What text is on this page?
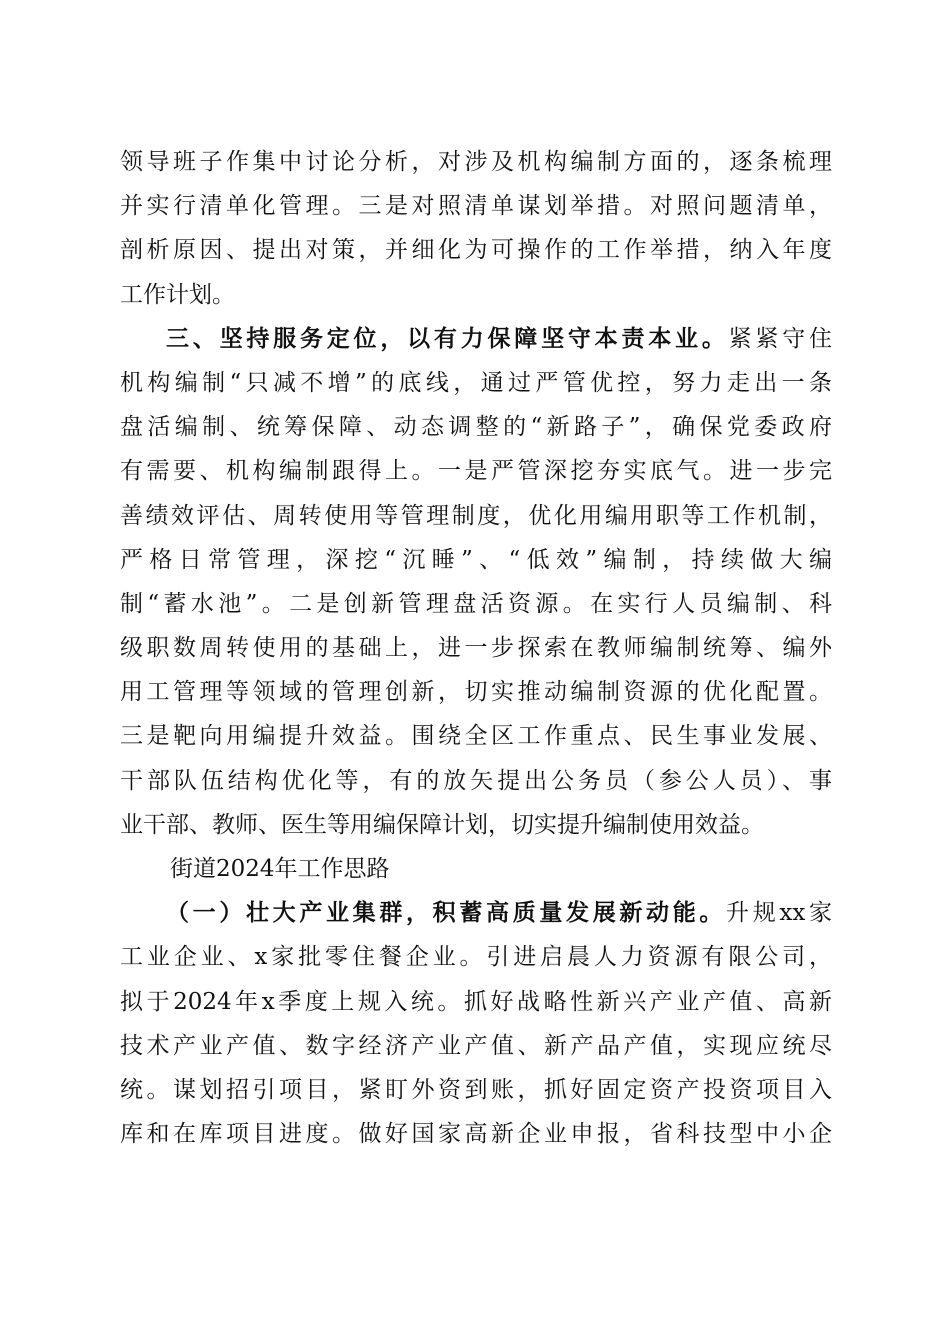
领导班子作集中讨论分析，对涉及机构编制方面的，逐条梳理
并实行清单化管理。三是对照清单谋划举措。对照问题清单，
剖析原因、提出对策，并细化为可操作的工作举措，纳入年度
工作计划。
三、坚持服务定位，以有力保障坚守本责本业。紧紧守住
机构编制“只减不增”的底线，通过严管优控，努力走出一条
盘活编制、统筹保障、动态调整的“新路子”，确保党委政府
有需要、机构编制跟得上。一是严管深挖夯实底气。进一步完
善绩效评估、周转使用等管理制度，优化用编用职等工作机制，
严格日常管理，深挖“沉睡”、“低效”编制，持续做大编
制“蓄水池”。二是创新管理盘活资源。在实行人员编制、科
级职数周转使用的基础上，进一步探索在教师编制统筹、编外
用工管理等领域的管理创新，切实推动编制资源的优化配置。
三是靶向用编提升效益。围绕全区工作重点、民生事业发展、
干部队伍结构优化等，有的放矢提出公务员（参公人员）、事
业干部、教师、医生等用编保障计划，切实提升编制使用效益。
街道2024年工作思路
（一）壮大产业集群，积蓄高质量发展新动能。升规xx家
工业企业、x家批零住餐企业。引进启晨人力资源有限公司，
拟于2024年x季度上规入统。抓好战略性新兴产业产值、高新
技术产业产值、数字经济产业产值、新产品产值，实现应统尽
统。谋划招引项目，紧盯外资到账，抓好固定资产投资项目入
库和在库项目进度。做好国家高新企业申报，省科技型中小企
